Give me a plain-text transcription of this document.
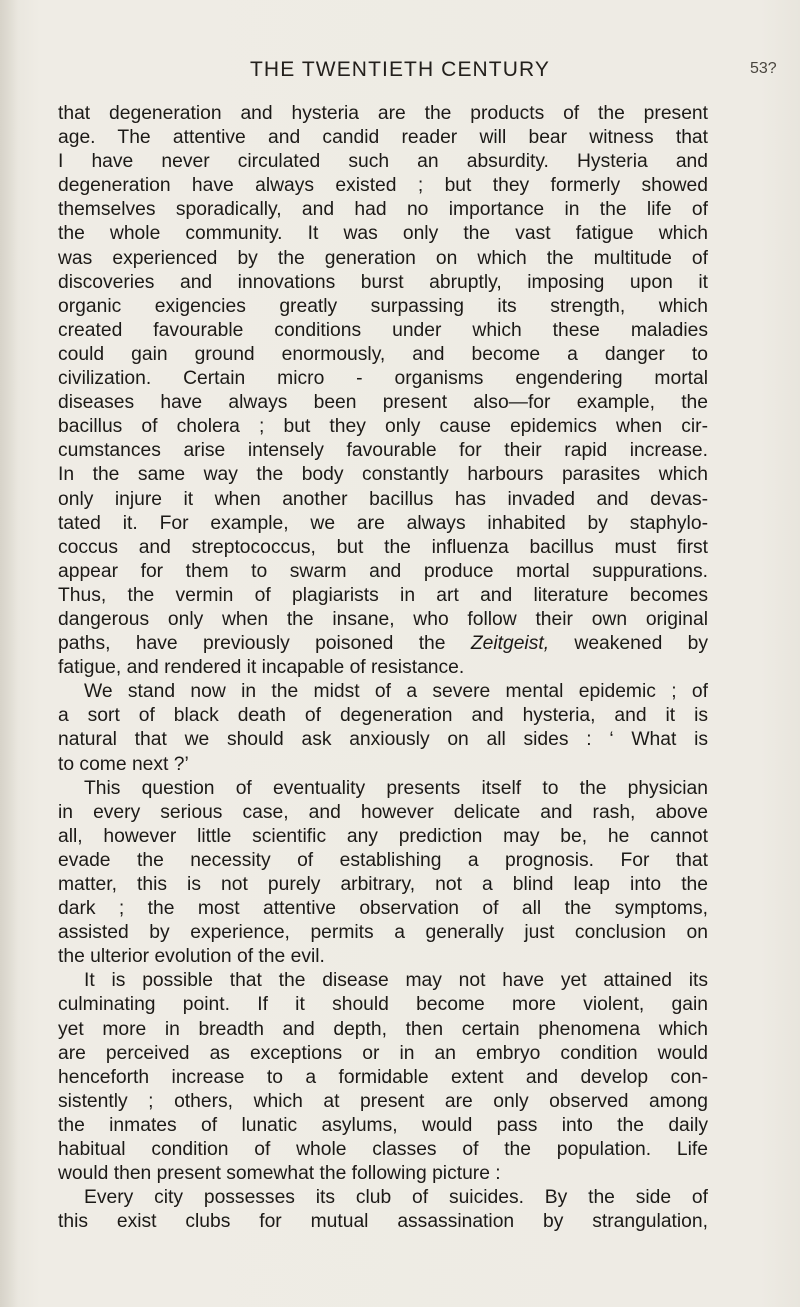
THE TWENTIETH CENTURY	53?
that degeneration and hysteria are the products of the present
age. The attentive and candid reader will bear witness that
I have never circulated such an absurdity. Hysteria and
degeneration have always existed ; but they formerly showed
themselves sporadically, and had no importance in the life of
the whole community. It was only the vast fatigue which
was experienced by the generation on which the multitude of
discoveries and innovations burst abruptly, imposing upon it
organic exigencies greatly surpassing its strength, which
created favourable conditions under which these maladies
could gain ground enormously, and become a danger to
civilization. Certain micro - organisms engendering mortal
diseases have always been present also—for example, the
bacillus of cholera ; but they only cause epidemics when cir-
cumstances arise intensely favourable for their rapid increase.
In the same way the body constantly harbours parasites which
only injure it when another bacillus has invaded and devas-
tated it. For example, we are always inhabited by staphylo-
coccus and streptococcus, but the influenza bacillus must first
appear for them to swarm and produce mortal suppurations.
Thus, the vermin of plagiarists in art and literature becomes
dangerous only when the insane, who follow their own original
paths, have previously poisoned the Zeitgeist, weakened by
fatigue, and rendered it incapable of resistance.
We stand now in the midst of a severe mental epidemic ; of
a sort of black death of degeneration and hysteria, and it is
natural that we should ask anxiously on all sides : ‘ What is
to come next ?’
This question of eventuality presents itself to the physician
in every serious case, and however delicate and rash, above
all, however little scientific any prediction may be, he cannot
evade the necessity of establishing a prognosis. For that
matter, this is not purely arbitrary, not a blind leap into the
dark ; the most attentive observation of all the symptoms,
assisted by experience, permits a generally just conclusion on
the ulterior evolution of the evil.
It is possible that the disease may not have yet attained its
culminating point. If it should become more violent, gain
yet more in breadth and depth, then certain phenomena which
are perceived as exceptions or in an embryo condition would
henceforth increase to a formidable extent and develop con-
sistently ; others, which at present are only observed among
the inmates of lunatic asylums, would pass into the daily
habitual condition of whole classes of the population. Life
would then present somewhat the following picture :
Every city possesses its club of suicides. By the side of
this exist clubs for mutual assassination by strangulation,
